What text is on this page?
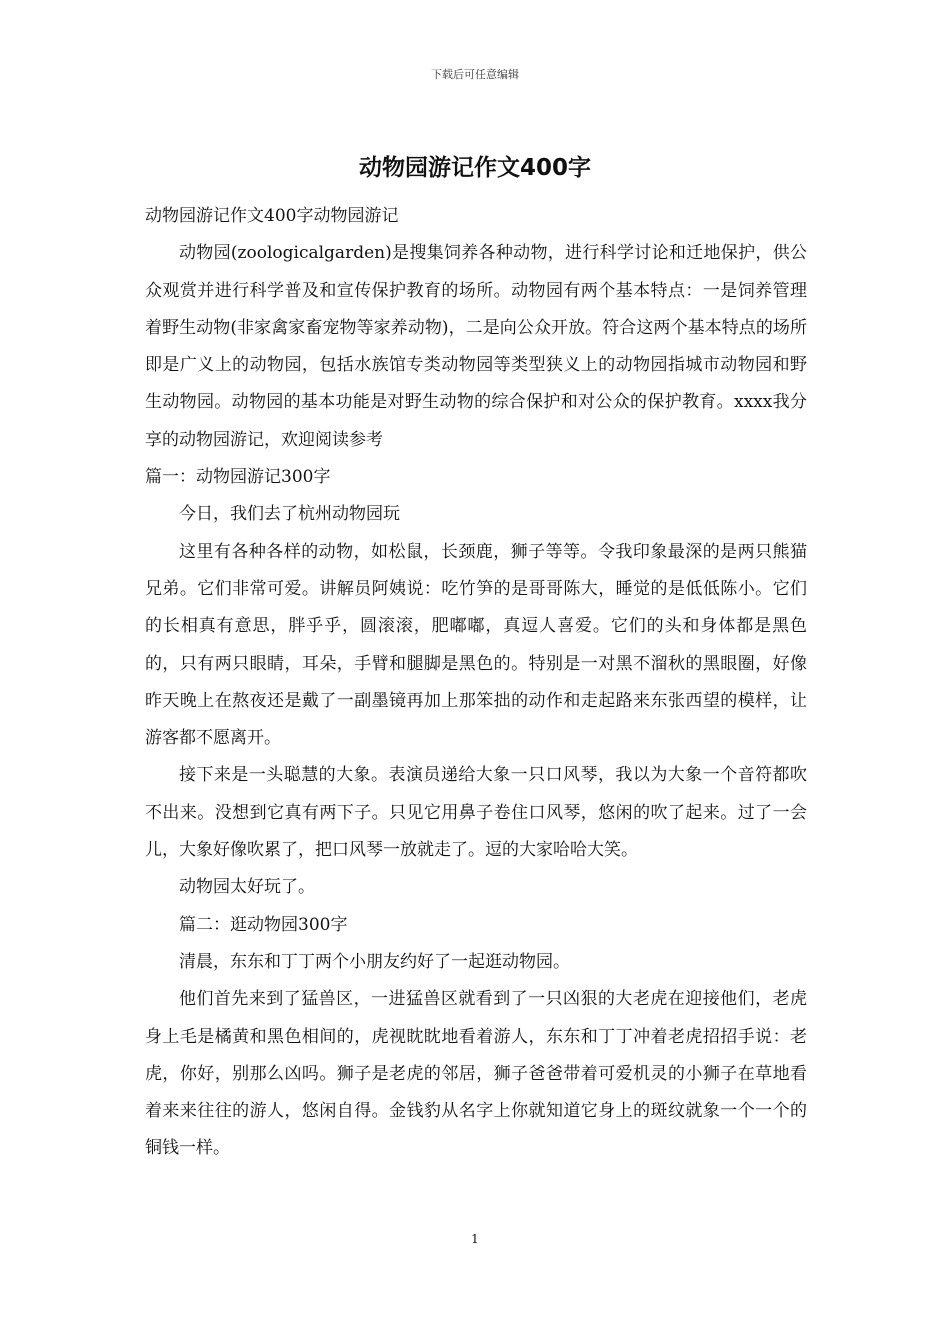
下载后可任意编辑
动物园游记作文400字

动物园游记作文400字动物园游记

动物园(zoologicalgarden)是搜集饲养各种动物，进行科学讨论和迁地保护，供公众观赏并进行科学普及和宣传保护教育的场所。动物园有两个基本特点：一是饲养管理着野生动物(非家禽家畜宠物等家养动物)，二是向公众开放。符合这两个基本特点的场所即是广义上的动物园，包括水族馆专类动物园等类型狭义上的动物园指城市动物园和野生动物园。动物园的基本功能是对野生动物的综合保护和对公众的保护教育。xxxx我分享的动物园游记，欢迎阅读参考

篇一：动物园游记300字

今日，我们去了杭州动物园玩

这里有各种各样的动物，如松鼠，长颈鹿，狮子等等。令我印象最深的是两只熊猫兄弟。它们非常可爱。讲解员阿姨说：吃竹笋的是哥哥陈大，睡觉的是低低陈小。它们的长相真有意思，胖乎乎，圆滚滚，肥嘟嘟，真逗人喜爱。它们的头和身体都是黑色的，只有两只眼睛，耳朵，手臂和腿脚是黑色的。特别是一对黑不溜秋的黑眼圈，好像昨天晚上在熬夜还是戴了一副墨镜再加上那笨拙的动作和走起路来东张西望的模样，让游客都不愿离开。

接下来是一头聪慧的大象。表演员递给大象一只口风琴，我以为大象一个音符都吹不出来。没想到它真有两下子。只见它用鼻子卷住口风琴，悠闲的吹了起来。过了一会儿，大象好像吹累了，把口风琴一放就走了。逗的大家哈哈大笑。

动物园太好玩了。

篇二：逛动物园300字

清晨，东东和丁丁两个小朋友约好了一起逛动物园。

他们首先来到了猛兽区，一进猛兽区就看到了一只凶狠的大老虎在迎接他们，老虎身上毛是橘黄和黑色相间的，虎视眈眈地看着游人，东东和丁丁冲着老虎招招手说：老虎，你好，别那么凶吗。狮子是老虎的邻居，狮子爸爸带着可爱机灵的小狮子在草地看着来来往往的游人，悠闲自得。金钱豹从名字上你就知道它身上的斑纹就象一个一个的铜钱一样。

1
